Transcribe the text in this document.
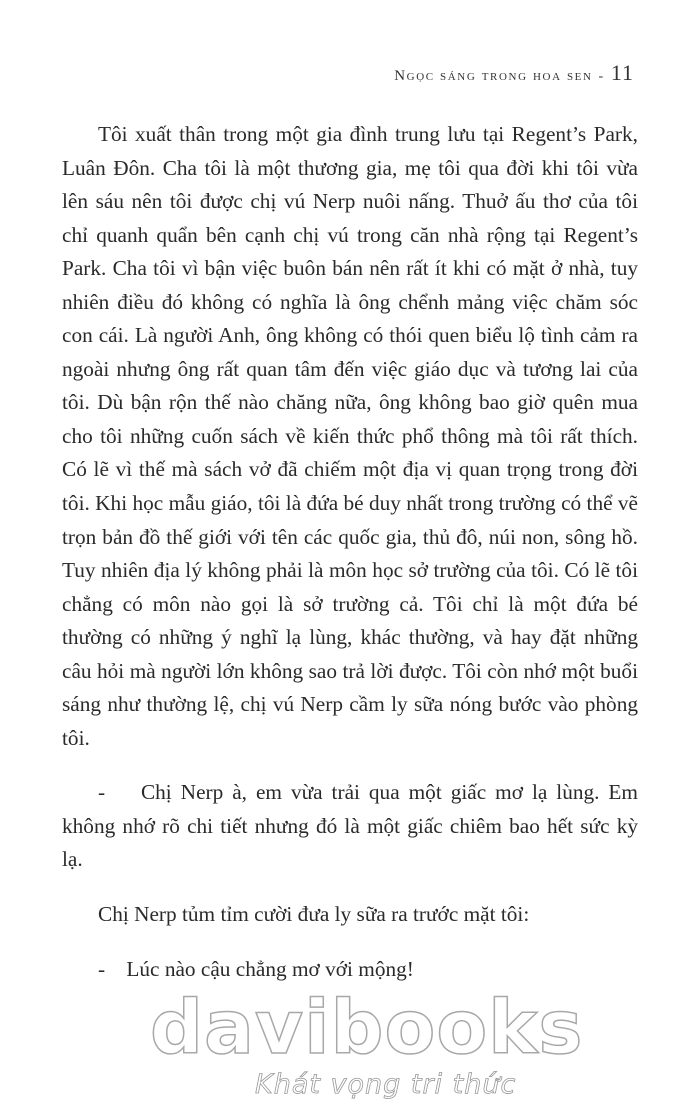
Ngọc sáng trong hoa sen - 11

Tôi xuất thân trong một gia đình trung lưu tại Regent’s Park, Luân Đôn. Cha tôi là một thương gia, mẹ tôi qua đời khi tôi vừa lên sáu nên tôi được chị vú Nerp nuôi nấng. Thuở ấu thơ của tôi chỉ quanh quẩn bên cạnh chị vú trong căn nhà rộng tại Regent’s Park. Cha tôi vì bận việc buôn bán nên rất ít khi có mặt ở nhà, tuy nhiên điều đó không có nghĩa là ông chểnh mảng việc chăm sóc con cái. Là người Anh, ông không có thói quen biểu lộ tình cảm ra ngoài nhưng ông rất quan tâm đến việc giáo dục và tương lai của tôi. Dù bận rộn thế nào chăng nữa, ông không bao giờ quên mua cho tôi những cuốn sách về kiến thức phổ thông mà tôi rất thích. Có lẽ vì thế mà sách vở đã chiếm một địa vị quan trọng trong đời tôi. Khi học mẫu giáo, tôi là đứa bé duy nhất trong trường có thể vẽ trọn bản đồ thế giới với tên các quốc gia, thủ đô, núi non, sông hồ. Tuy nhiên địa lý không phải là môn học sở trường của tôi. Có lẽ tôi chẳng có môn nào gọi là sở trường cả. Tôi chỉ là một đứa bé thường có những ý nghĩ lạ lùng, khác thường, và hay đặt những câu hỏi mà người lớn không sao trả lời được. Tôi còn nhớ một buổi sáng như thường lệ, chị vú Nerp cầm ly sữa nóng bước vào phòng tôi.

-    Chị Nerp à, em vừa trải qua một giấc mơ lạ lùng. Em không nhớ rõ chi tiết nhưng đó là một giấc chiêm bao hết sức kỳ lạ.

Chị Nerp tủm tỉm cười đưa ly sữa ra trước mặt tôi:

-    Lúc nào cậu chẳng mơ với mộng!

davibooks
Khát vọng tri thức
